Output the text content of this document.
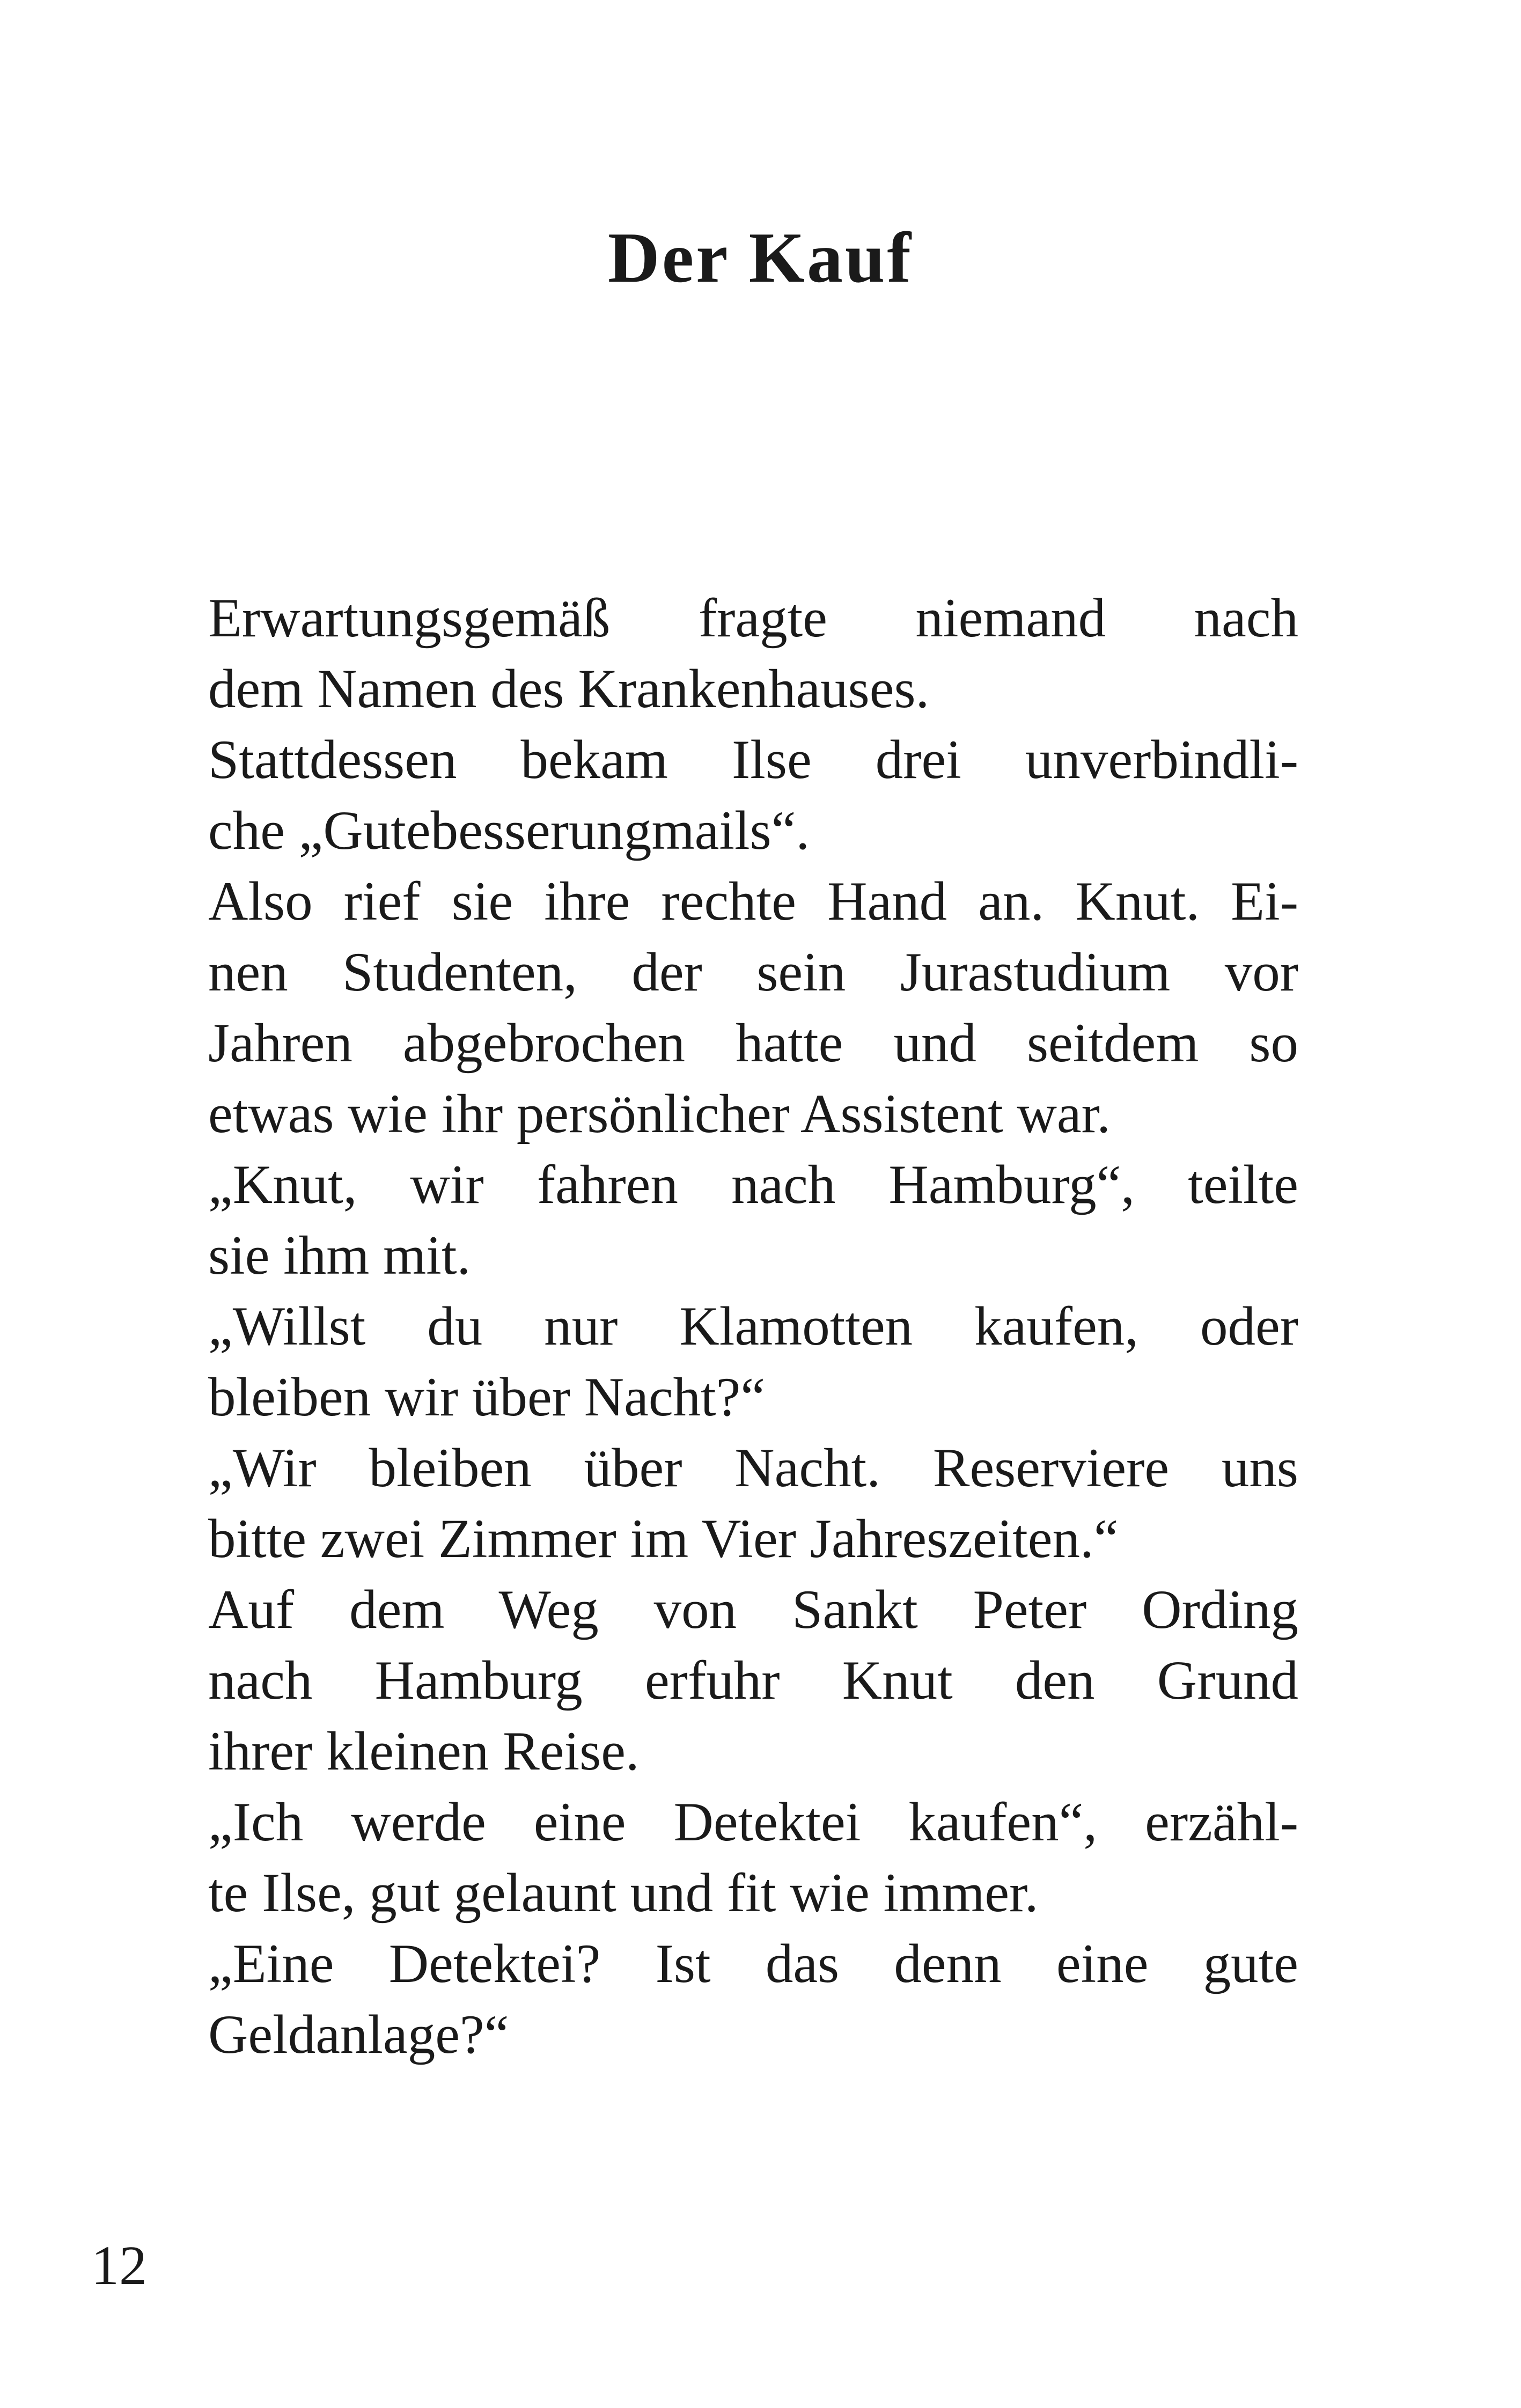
Der Kauf
Erwartungsgemäß fragte niemand nach
dem Namen des Krankenhauses.
Stattdessen bekam Ilse drei unverbindli-
che „Gutebesserungmails“.
Also rief sie ihre rechte Hand an. Knut. Ei-
nen Studenten, der sein Jurastudium vor
Jahren abgebrochen hatte und seitdem so
etwas wie ihr persönlicher Assistent war.
„Knut, wir fahren nach Hamburg“, teilte
sie ihm mit.
„Willst du nur Klamotten kaufen, oder
bleiben wir über Nacht?“
„Wir bleiben über Nacht. Reserviere uns
bitte zwei Zimmer im Vier Jahreszeiten.“
Auf dem Weg von Sankt Peter Ording
nach Hamburg erfuhr Knut den Grund
ihrer kleinen Reise.
„Ich werde eine Detektei kaufen“, erzähl-
te Ilse, gut gelaunt und fit wie immer.
„Eine Detektei? Ist das denn eine gute
Geldanlage?“
12
